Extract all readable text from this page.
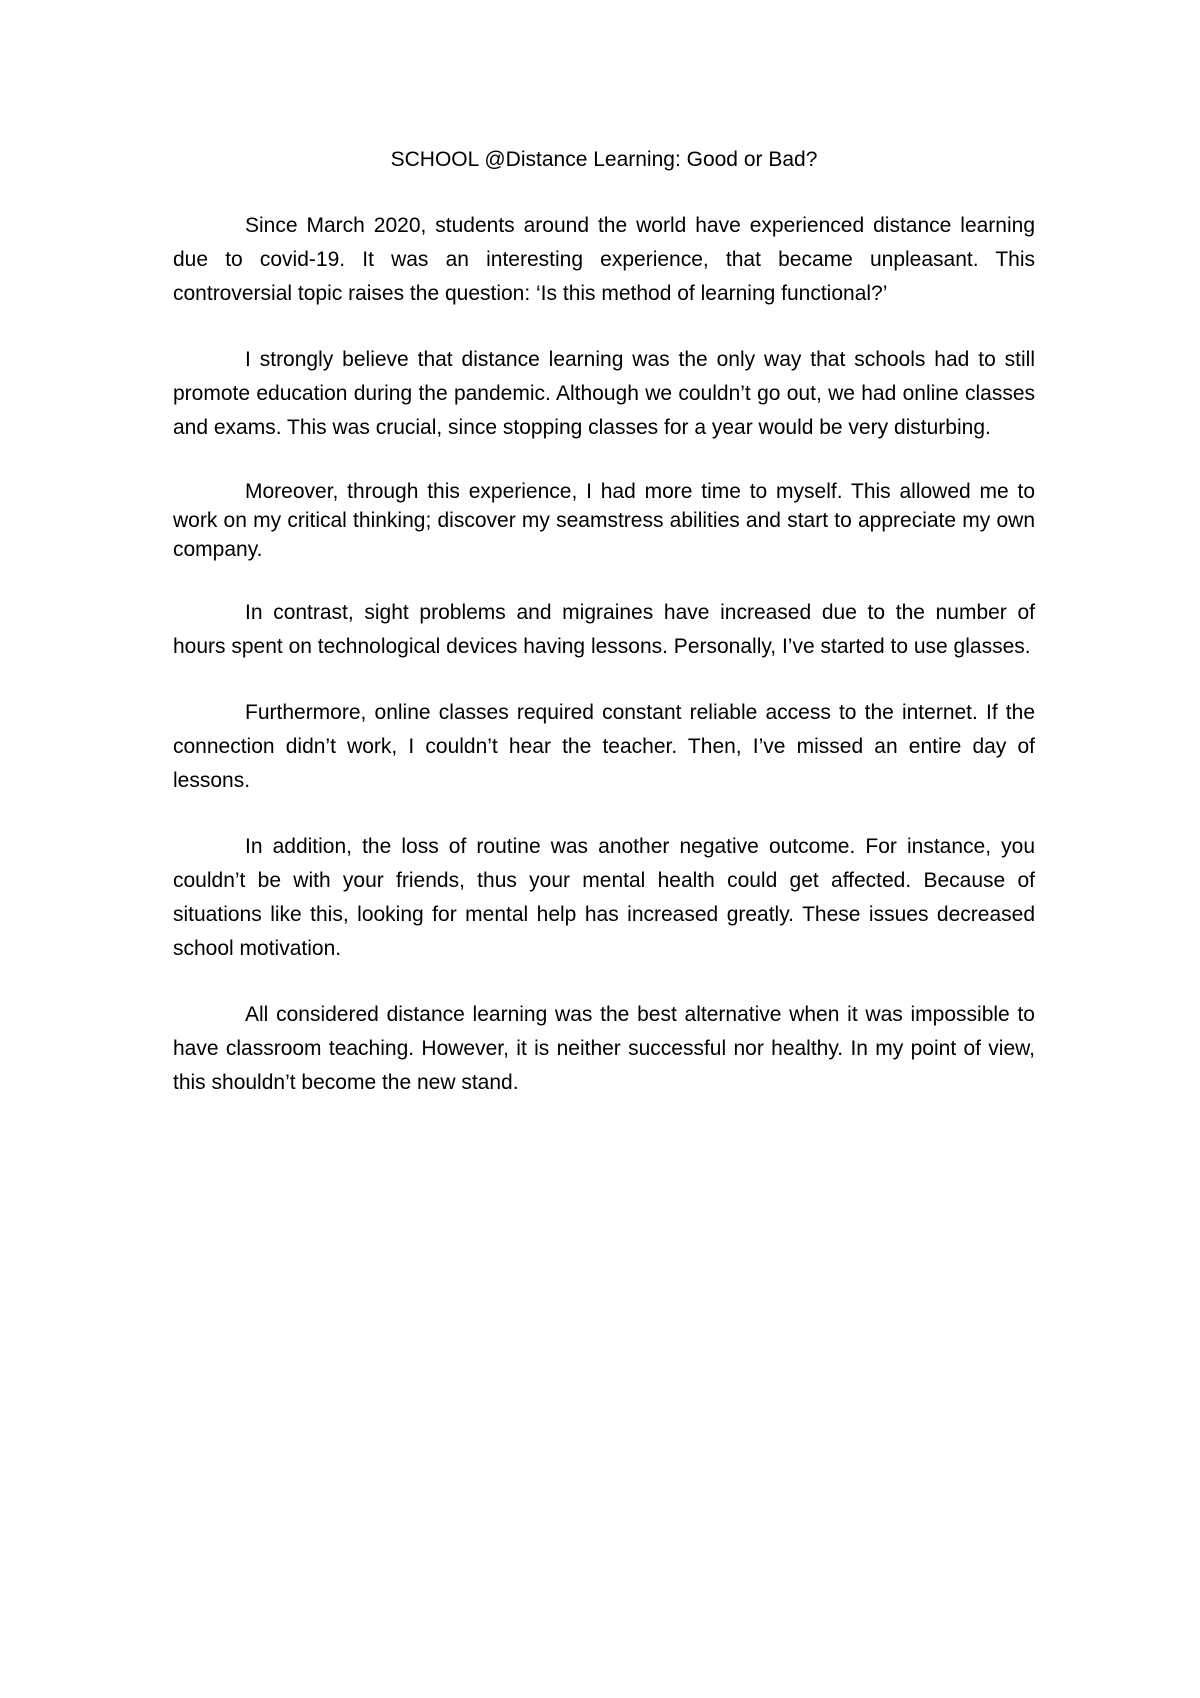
SCHOOL @Distance Learning: Good or Bad?

Since March 2020, students around the world have experienced distance learning due to covid-19. It was an interesting experience, that became unpleasant. This controversial topic raises the question: ‘Is this method of learning functional?’

I strongly believe that distance learning was the only way that schools had to still promote education during the pandemic. Although we couldn’t go out, we had online classes and exams. This was crucial, since stopping classes for a year would be very disturbing.

Moreover, through this experience, I had more time to myself. This allowed me to work on my critical thinking; discover my seamstress abilities and start to appreciate my own company.

In contrast, sight problems and migraines have increased due to the number of hours spent on technological devices having lessons. Personally, I’ve started to use glasses.

Furthermore, online classes required constant reliable access to the internet. If the connection didn’t work, I couldn’t hear the teacher. Then, I’ve missed an entire day of lessons.

In addition, the loss of routine was another negative outcome. For instance, you couldn’t be with your friends, thus your mental health could get affected. Because of situations like this, looking for mental help has increased greatly. These issues decreased school motivation.

All considered distance learning was the best alternative when it was impossible to have classroom teaching. However, it is neither successful nor healthy. In my point of view, this shouldn’t become the new stand.
